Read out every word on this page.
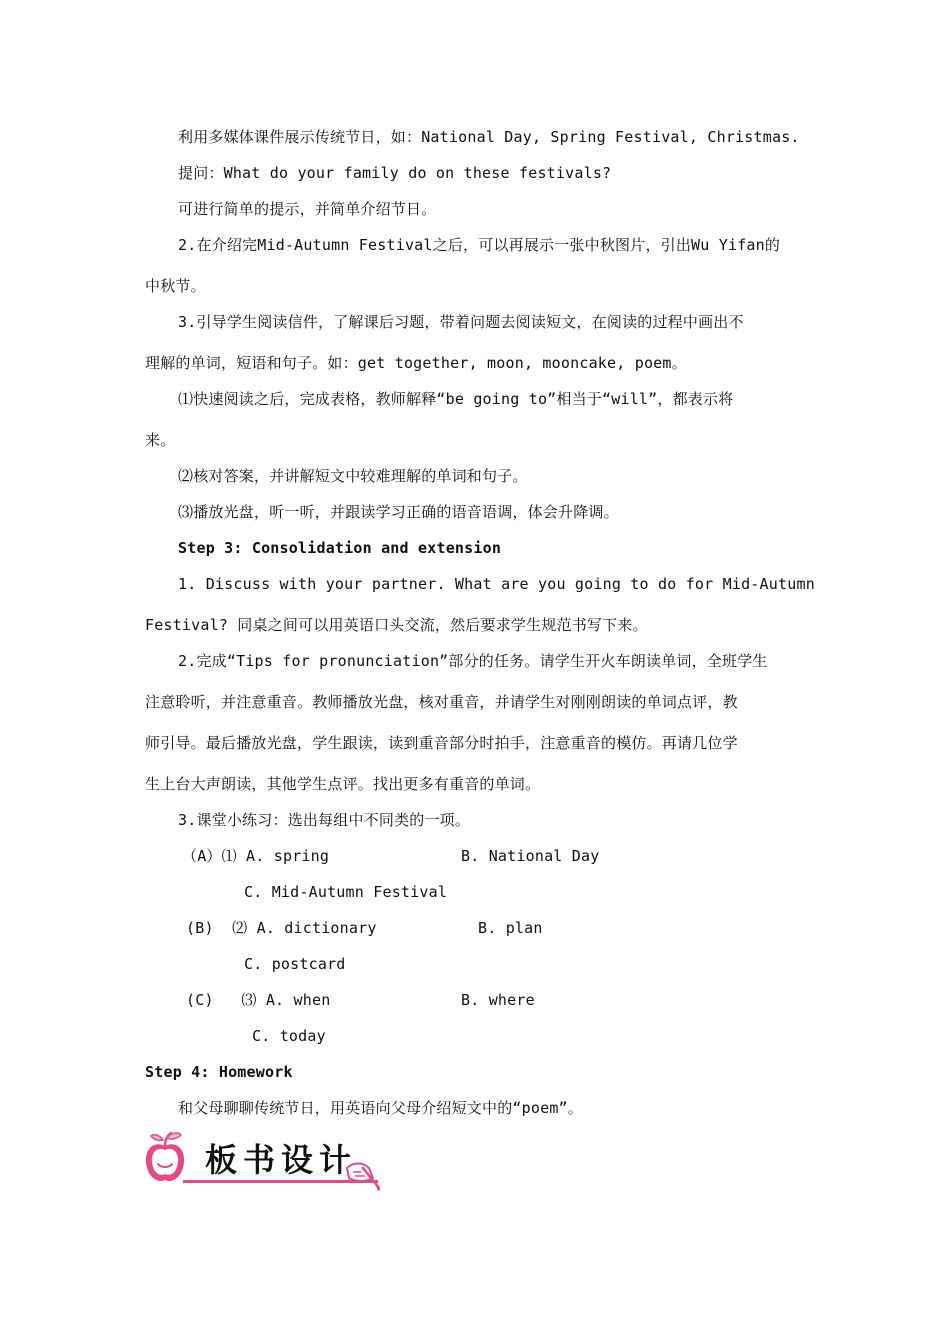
利用多媒体课件展示传统节日，如：National Day, Spring Festival, Christmas.
提问：What do your family do on these festivals?
可进行简单的提示，并简单介绍节日。
2.在介绍完Mid-Autumn Festival之后，可以再展示一张中秋图片，引出Wu Yifan的
中秋节。
3.引导学生阅读信件，了解课后习题，带着问题去阅读短文，在阅读的过程中画出不
理解的单词，短语和句子。如：get together, moon, mooncake, poem。
⑴快速阅读之后，完成表格，教师解释“be going to”相当于“will”，都表示将
来。
⑵核对答案，并讲解短文中较难理解的单词和句子。
⑶播放光盘，听一听，并跟读学习正确的语音语调，体会升降调。
Step 3: Consolidation and extension
1. Discuss with your partner. What are you going to do for Mid-Autumn
Festival? 同桌之间可以用英语口头交流，然后要求学生规范书写下来。
2.完成“Tips for pronunciation”部分的任务。请学生开火车朗读单词，全班学生
注意聆听，并注意重音。教师播放光盘，核对重音，并请学生对刚刚朗读的单词点评，教
师引导。最后播放光盘，学生跟读，读到重音部分时拍手，注意重音的模仿。再请几位学
生上台大声朗读，其他学生点评。找出更多有重音的单词。
3.课堂小练习：选出每组中不同类的一项。
（A）⑴ A. spring	B. National Day
C. Mid-Autumn Festival
(B)  ⑵ A. dictionary	B. plan
C. postcard
(C)   ⑶ A. when	B. where
C. today
Step 4: Homework
和父母聊聊传统节日，用英语向父母介绍短文中的“poem”。
板书设计
